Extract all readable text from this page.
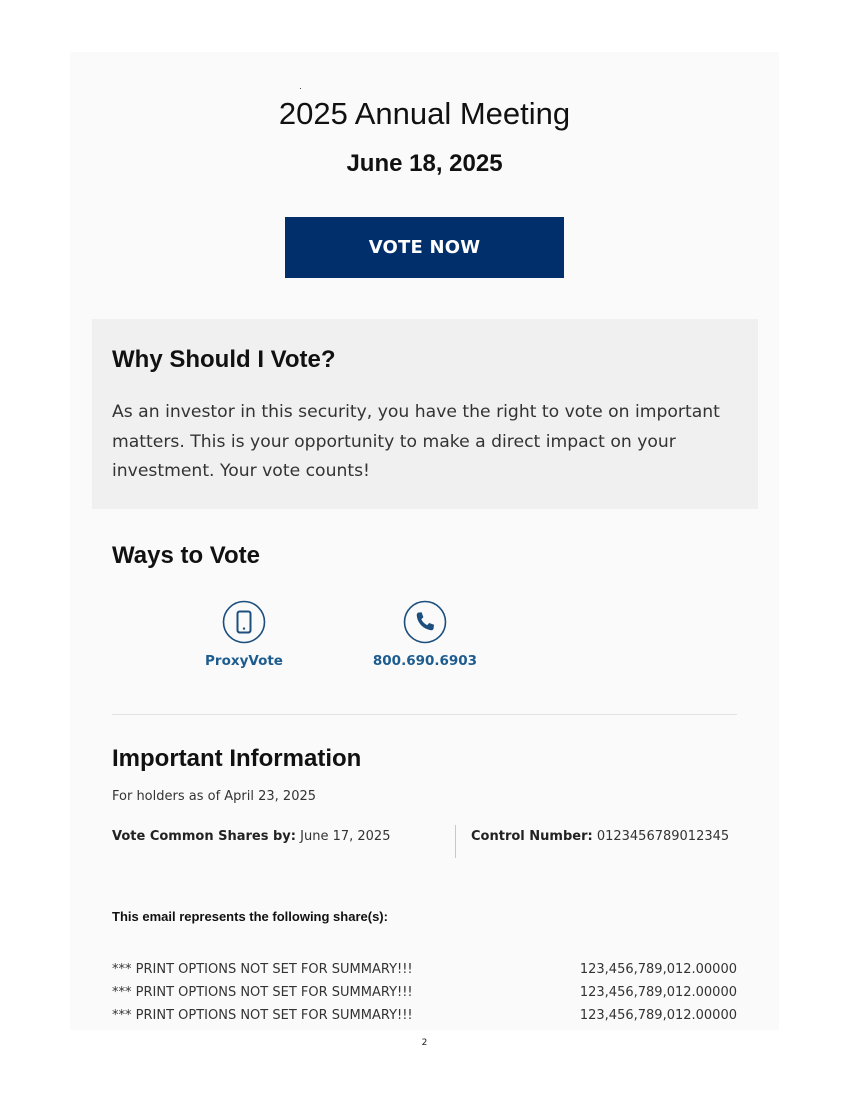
2025 Annual Meeting
June 18, 2025
VOTE NOW
Why Should I Vote?
As an investor in this security, you have the right to vote on important matters. This is your opportunity to make a direct impact on your investment. Your vote counts!
Ways to Vote
ProxyVote	800.690.6903
Important Information
For holders as of April 23, 2025
Vote Common Shares by: June 17, 2025	Control Number: 0123456789012345
This email represents the following share(s):
*** PRINT OPTIONS NOT SET FOR SUMMARY!!!	123,456,789,012.00000
*** PRINT OPTIONS NOT SET FOR SUMMARY!!!	123,456,789,012.00000
*** PRINT OPTIONS NOT SET FOR SUMMARY!!!	123,456,789,012.00000
2
